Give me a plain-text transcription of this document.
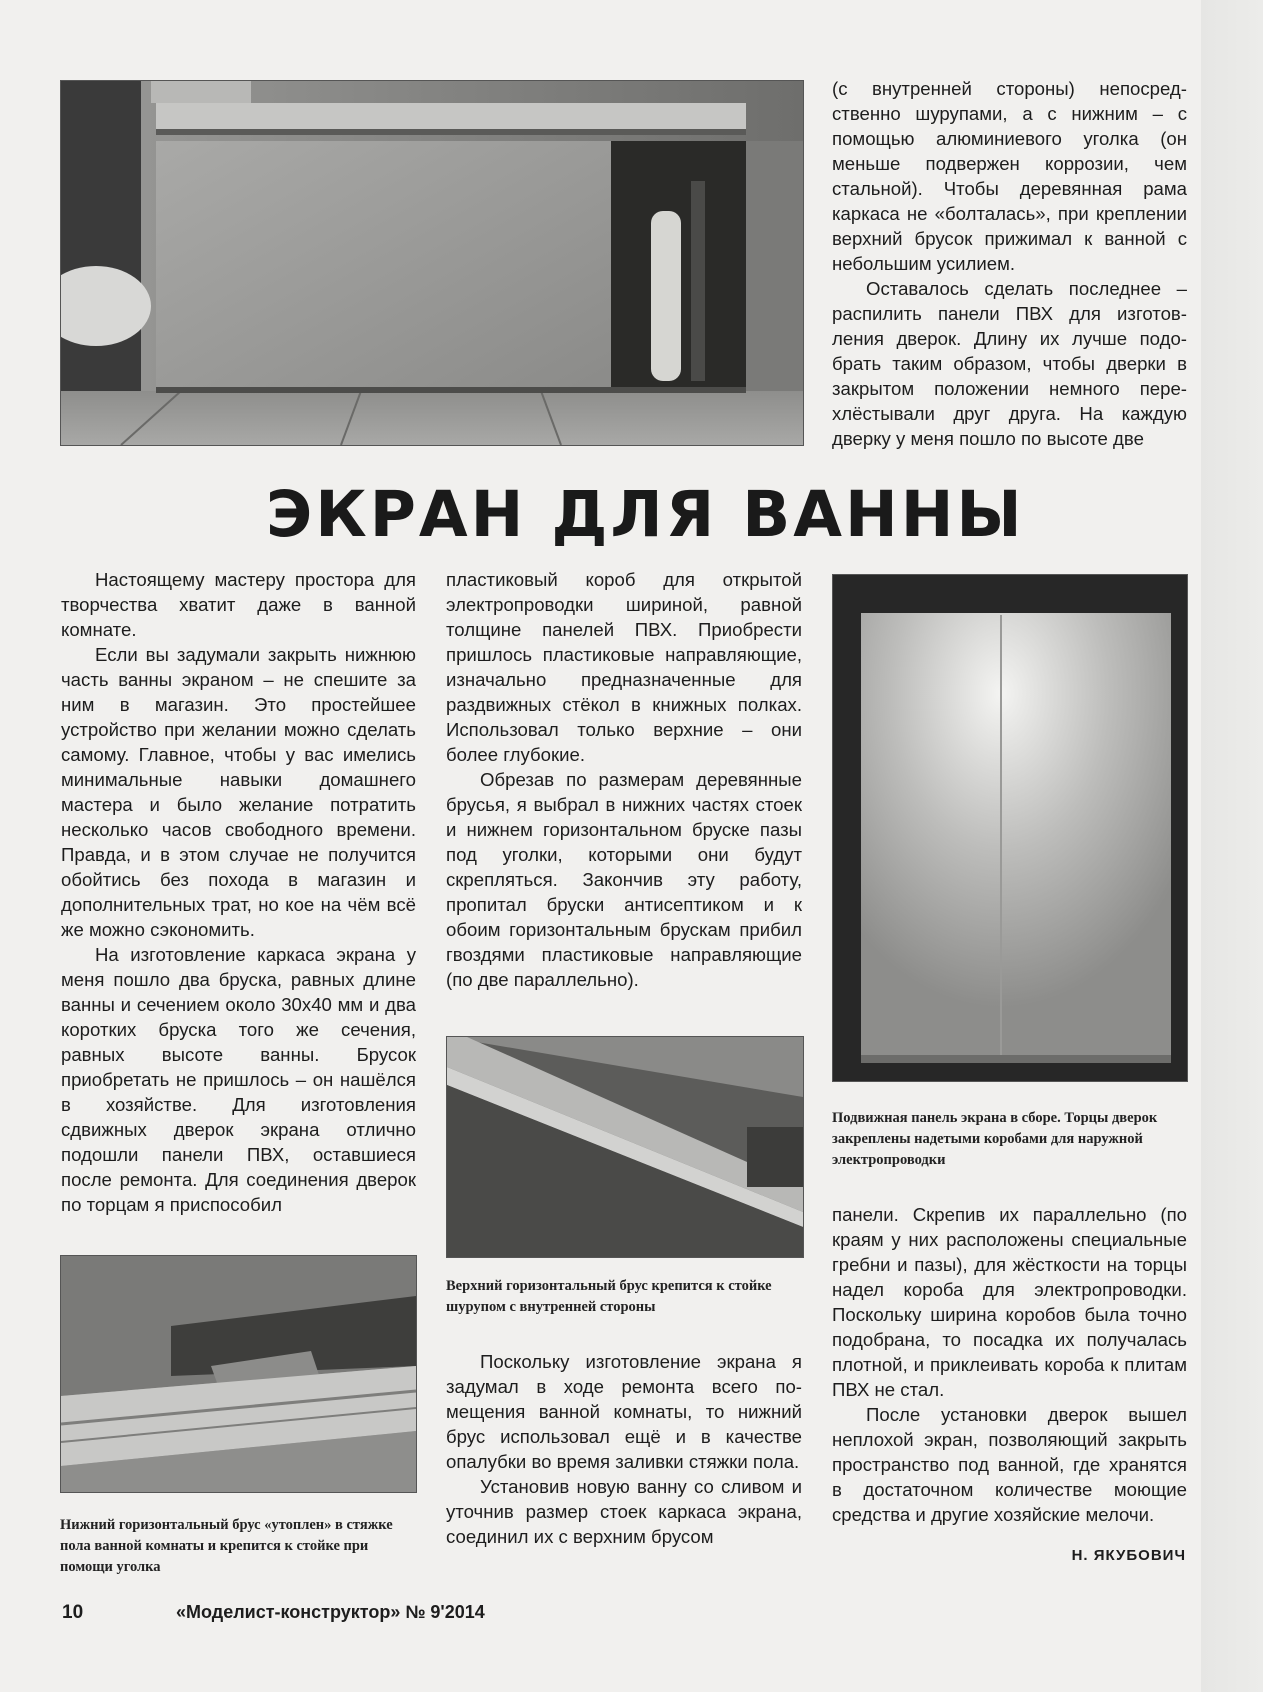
(с внутренней стороны) непосредственно шурупами, а с нижним – с помощью алюминиевого уголка (он меньше подвержен коррозии, чем стальной). Чтобы деревянная рама каркаса не «болталась», при креплении верхний брусок прижимал к ванной с небольшим усилием.

Оставалось сделать последнее – распилить панели ПВХ для изготовления дверок. Длину их лучше подобрать таким образом, чтобы дверки в закрытом положении немного перехлёстывали друг друга. На каждую дверку у меня пошло по высоте две

ЭКРАН ДЛЯ ВАННЫ

Настоящему мастеру простора для творчества хватит даже в ванной комнате.

Если вы задумали закрыть нижнюю часть ванны экраном – не спешите за ним в магазин. Это простейшее устройство при желании можно сделать самому. Главное, чтобы у вас имелись минимальные навыки домашнего мастера и было желание потратить несколько часов свободного времени. Правда, и в этом случае не получится обойтись без похода в магазин и дополнительных трат, но кое на чём всё же можно сэкономить.

На изготовление каркаса экрана у меня пошло два бруска, равных длине ванны и сечением около 30х40 мм и два коротких бруска того же сечения, равных высоте ванны. Брусок приобретать не пришлось – он нашёлся в хозяйстве. Для изготовления сдвижных дверок экрана отлично подошли панели ПВХ, оставшиеся после ремонта. Для соединения дверок по торцам я приспособил

пластиковый короб для открытой электропроводки шириной, равной толщине панелей ПВХ. Приобрести пришлось пластиковые направляющие, изначально предназначенные для раздвижных стёкол в книжных полках. Использовал только верхние – они более глубокие.

Обрезав по размерам деревянные брусья, я выбрал в нижних частях стоек и нижнем горизонтальном бруске пазы под уголки, которыми они будут скрепляться. Закончив эту работу, пропитал бруски антисептиком и к обоим горизонтальным брускам прибил гвоздями пластиковые направляющие (по две параллельно).

Подвижная панель экрана в сборе. Торцы дверок закреплены надетыми коробами для наружной электропроводки
Верхний горизонтальный брус крепится к стойке шурупом с внутренней стороны

Поскольку изготовление экрана я задумал в ходе ремонта всего помещения ванной комнаты, то нижний брус использовал ещё и в качестве опалубки во время заливки стяжки пола.

Установив новую ванну со сливом и уточнив размер стоек каркаса экрана, соединил их с верхним брусом

панели. Скрепив их параллельно (по краям у них расположены специальные гребни и пазы), для жёсткости на торцы надел короба для электропроводки. Поскольку ширина коробов была точно подобрана, то посадка их получалась плотной, и приклеивать короба к плитам ПВХ не стал.

После установки дверок вышел неплохой экран, позволяющий закрыть пространство под ванной, где хранятся в достаточном количестве моющие средства и другие хозяйские мелочи.

Нижний горизонтальный брус «утоплен» в стяжке пола ванной комнаты и крепится к стойке при помощи уголка
Н. ЯКУБОВИЧ
10	«Моделист-конструктор» № 9'2014
